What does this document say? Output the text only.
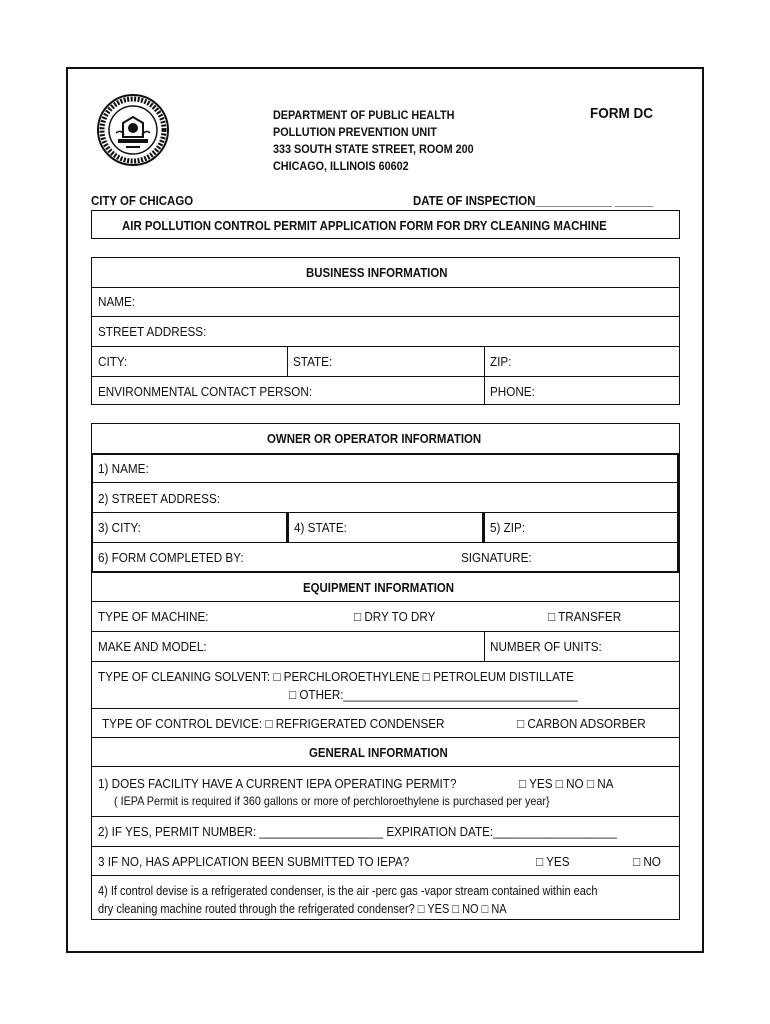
DEPARTMENT OF PUBLIC HEALTH
POLLUTION PREVENTION UNIT
333 SOUTH STATE STREET, ROOM 200
CHICAGO, ILLINOIS 60602
FORM DC
CITY OF CHICAGO	DATE OF INSPECTION____________ ______
AIR POLLUTION CONTROL PERMIT APPLICATION FORM FOR DRY CLEANING MACHINE
BUSINESS INFORMATION
NAME:
STREET ADDRESS:
CITY:	STATE:	ZIP:
ENVIRONMENTAL CONTACT PERSON:	PHONE:
OWNER OR OPERATOR INFORMATION
1) NAME:
2) STREET ADDRESS:
3) CITY:	4) STATE:	5) ZIP:
6) FORM COMPLETED BY:	SIGNATURE:
EQUIPMENT INFORMATION
TYPE OF MACHINE:	□ DRY TO DRY	□ TRANSFER
MAKE AND MODEL:	NUMBER OF UNITS:
TYPE OF CLEANING SOLVENT: □ PERCHLOROETHYLENE □ PETROLEUM DISTILLATE
□ OTHER:____________________________________
TYPE OF CONTROL DEVICE: □ REFRIGERATED CONDENSER	□ CARBON ADSORBER
GENERAL INFORMATION
1) DOES FACILITY HAVE A CURRENT IEPA OPERATING PERMIT?	□ YES □ NO □ NA
( IEPA Permit is required if 360 gallons or more of perchloroethylene is purchased per year}
2) IF YES, PERMIT NUMBER: ___________________ EXPIRATION DATE:___________________
3 IF NO, HAS APPLICATION BEEN SUBMITTED TO IEPA?	□ YES	□ NO
4) If control devise is a refrigerated condenser, is the air -perc gas -vapor stream contained within each
dry cleaning machine routed through the refrigerated condenser? □ YES □ NO □ NA
